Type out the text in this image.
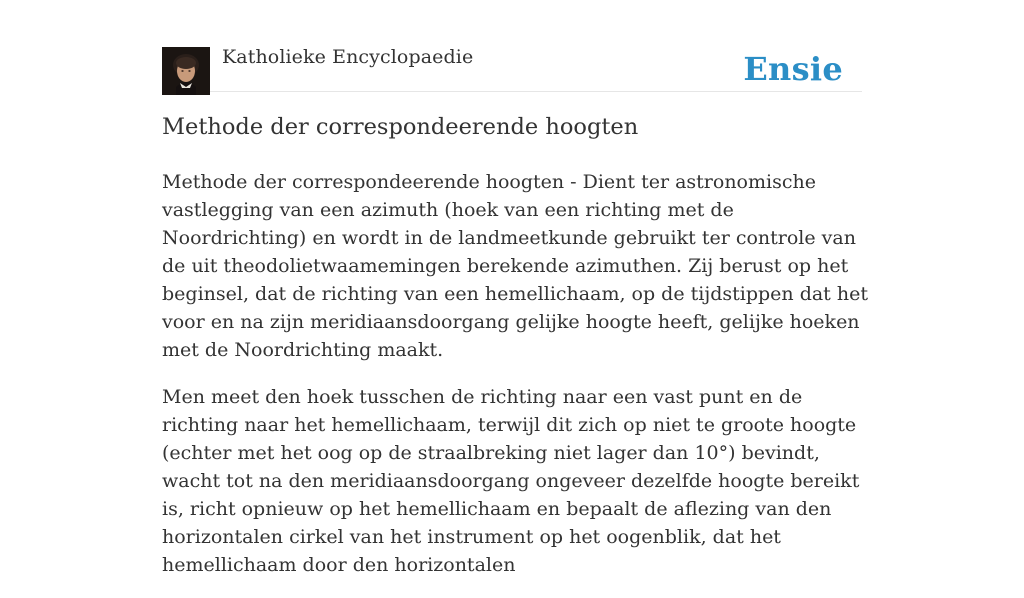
Katholieke Encyclopaedie	Ensie
Methode der correspondeerende hoogten

Methode der correspondeerende hoogten - Dient ter astronomische vastlegging van een azimuth (hoek van een richting met de Noordrichting) en wordt in de landmeetkunde gebruikt ter controle van de uit theodolietwaamemingen berekende azimuthen. Zij berust op het beginsel, dat de richting van een hemellichaam, op de tijdstippen dat het voor en na zijn meridiaansdoorgang gelijke hoogte heeft, gelijke hoeken met de Noordrichting maakt.

Men meet den hoek tusschen de richting naar een vast punt en de richting naar het hemellichaam, terwijl dit zich op niet te groote hoogte (echter met het oog op de straalbreking niet lager dan 10°) bevindt, wacht tot na den meridiaansdoorgang ongeveer dezelfde hoogte bereikt is, richt opnieuw op het hemellichaam en bepaalt de aflezing van den horizontalen cirkel van het instrument op het oogenblik, dat het hemellichaam door den horizontalen
